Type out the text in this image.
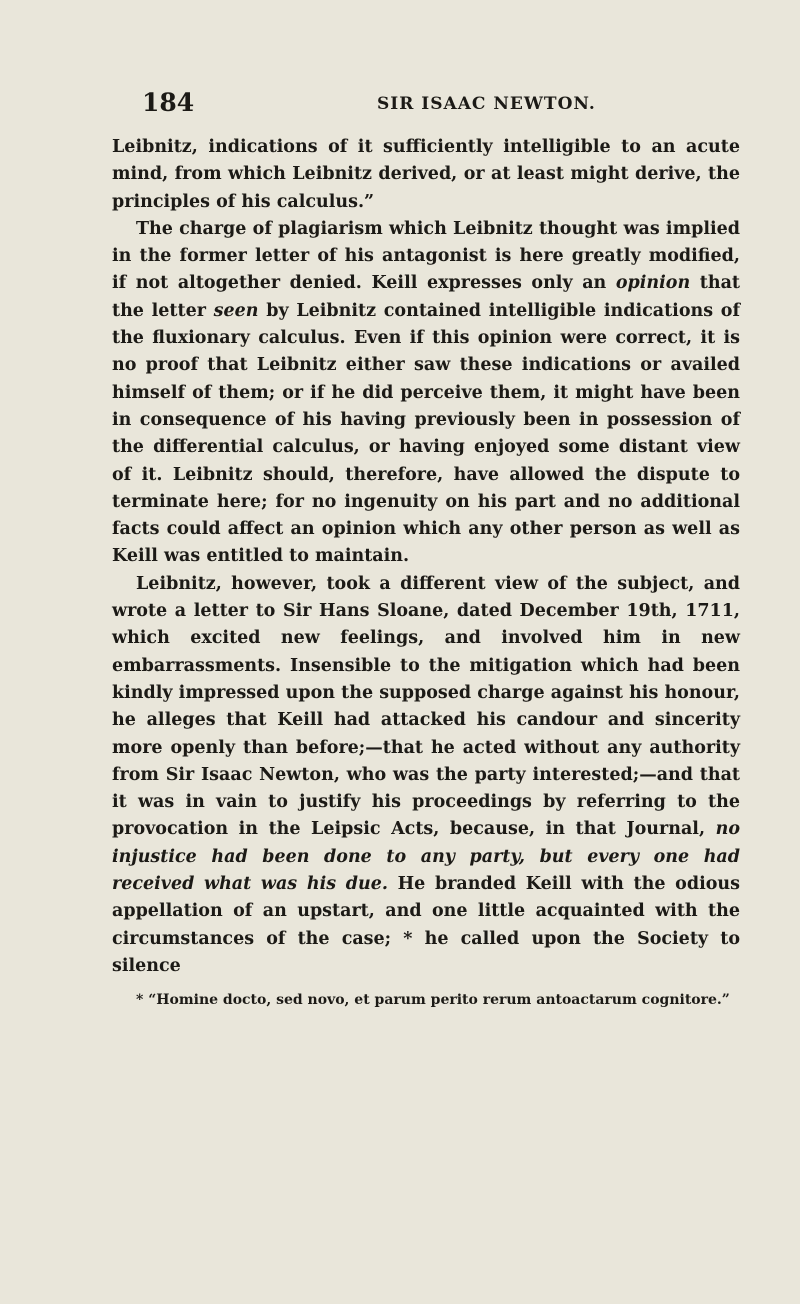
184	SIR ISAAC NEWTON.

Leibnitz, indications of it sufficiently intelligible to an acute mind, from which Leibnitz derived, or at least might derive, the principles of his calculus.”

The charge of plagiarism which Leibnitz thought was implied in the former letter of his antagonist is here greatly modified, if not altogether denied. Keill expresses only an opinion that the letter seen by Leibnitz contained intelligible indications of the fluxionary calculus. Even if this opinion were correct, it is no proof that Leibnitz either saw these indications or availed himself of them; or if he did perceive them, it might have been in consequence of his having previously been in possession of the differential calculus, or having enjoyed some distant view of it. Leibnitz should, therefore, have allowed the dispute to terminate here; for no ingenuity on his part and no additional facts could affect an opinion which any other person as well as Keill was entitled to maintain.

Leibnitz, however, took a different view of the subject, and wrote a letter to Sir Hans Sloane, dated December 19th, 1711, which excited new feelings, and involved him in new embarrassments. Insensible to the mitigation which had been kindly impressed upon the supposed charge against his honour, he alleges that Keill had attacked his candour and sincerity more openly than before;—that he acted without any authority from Sir Isaac Newton, who was the party interested;—and that it was in vain to justify his proceedings by referring to the provocation in the Leipsic Acts, because, in that Journal, no injustice had been done to any party, but every one had received what was his due. He branded Keill with the odious appellation of an upstart, and one little acquainted with the circumstances of the case; * he called upon the Society to silence

* “Homine docto, sed novo, et parum perito rerum antoactarum cognitore.”
